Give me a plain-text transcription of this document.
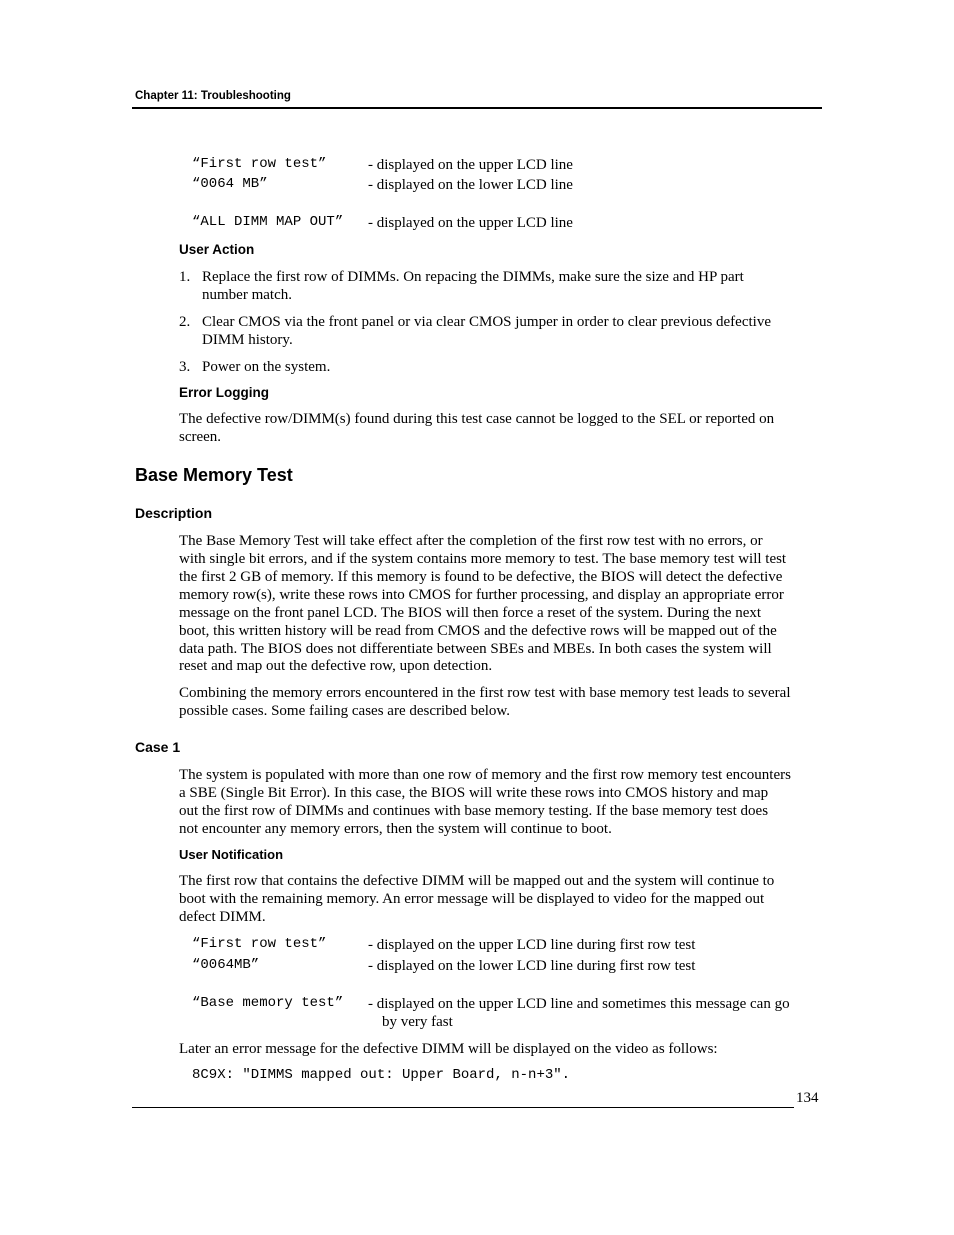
Chapter 11: Troubleshooting
“First row test”	- displayed on the upper LCD line
“0064 MB”	- displayed on the lower LCD line
“ALL DIMM MAP OUT” - displayed on the upper LCD line
User Action
1. Replace the first row of DIMMs. On repacing the DIMMs, make sure the size and HP part
number match.
2. Clear CMOS via the front panel or via clear CMOS jumper in order to clear previous defective
DIMM history.
3. Power on the system.
Error Logging
The defective row/DIMM(s) found during this test case cannot be logged to the SEL or reported on
screen.
Base Memory Test
Description
The Base Memory Test will take effect after the completion of the first row test with no errors, or
with single bit errors, and if the system contains more memory to test. The base memory test will test
the first 2 GB of memory. If this memory is found to be defective, the BIOS will detect the defective
memory row(s), write these rows into CMOS for further processing, and display an appropriate error
message on the front panel LCD. The BIOS will then force a reset of the system. During the next
boot, this written history will be read from CMOS and the defective rows will be mapped out of the
data path. The BIOS does not differentiate between SBEs and MBEs. In both cases the system will
reset and map out the defective row, upon detection.
Combining the memory errors encountered in the first row test with base memory test leads to several
possible cases. Some failing cases are described below.
Case 1
The system is populated with more than one row of memory and the first row memory test encounters
a SBE (Single Bit Error). In this case, the BIOS will write these rows into CMOS history and map
out the first row of DIMMs and continues with base memory testing. If the base memory test does
not encounter any memory errors, then the system will continue to boot.
User Notification
The first row that contains the defective DIMM will be mapped out and the system will continue to
boot with the remaining memory. An error message will be displayed to video for the mapped out
defect DIMM.
“First row test”	- displayed on the upper LCD line during first row test
“0064MB”	- displayed on the lower LCD line during first row test
“Base memory test” - displayed on the upper LCD line and sometimes this message can go
by very fast
Later an error message for the defective DIMM will be displayed on the video as follows:
8C9X: "DIMMS mapped out: Upper Board, n-n+3".
134
